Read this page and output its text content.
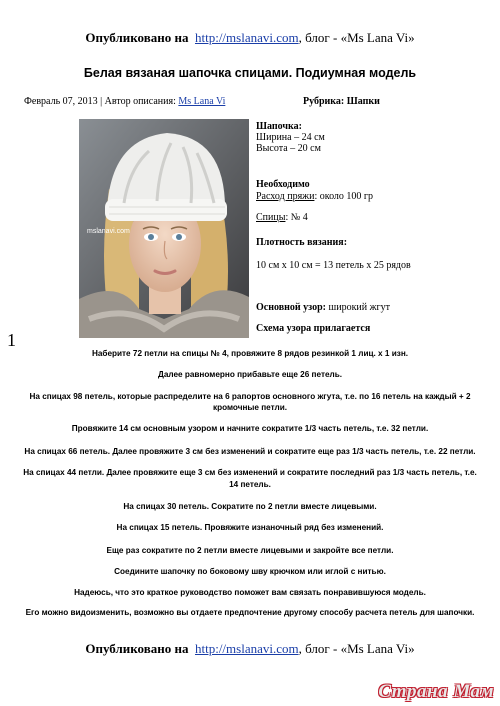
Опубликовано на http://mslanavi.com, блог - «Ms Lana Vi»
Белая вязаная шапочка спицами. Подиумная модель
Февраль 07, 2013 | Автор описания: Ms Lana Vi	Рубрика: Шапки
mslanavi.com
Шапочка:
Ширина – 24 см
Высота – 20 см
Необходимо
Расход пряжи: около 100 гр
Спицы: № 4
Плотность вязания:
10 см х 10 см = 13 петель х 25 рядов
Основной узор: широкий жгут
Схема узора прилагается
1
Наберите 72 петли на спицы № 4, провяжите 8 рядов резинкой 1 лиц. х 1 изн.
Далее равномерно прибавьте еще 26 петель.
На спицах 98 петель, которые распределите на 6 рапортов основного жгута, т.е. по 16 петель на каждый + 2
кромочные петли.
Провяжите 14 см основным узором и начните сократите 1/3 часть петель, т.е. 32 петли.
На спицах 66 петель. Далее провяжите 3 см без изменений и сократите еще раз 1/3 часть петель, т.е. 22 петли.
На спицах 44 петли. Далее провяжите еще 3 см без изменений и сократите последний раз 1/3 часть петель, т.е.
14 петель.
На спицах 30 петель. Сократите по 2 петли вместе лицевыми.
На спицах 15 петель. Провяжите изнаночный ряд без изменений.
Еще раз сократите по 2 петли вместе лицевыми и закройте все петли.
Соедините шапочку по боковому шву крючком или иглой с нитью.
Надеюсь, что это краткое руководство поможет вам связать понравившуюся модель.
Его можно видоизменить, возможно вы отдаете предпочтение другому способу расчета петель для шапочки.
Опубликовано на http://mslanavi.com, блог - «Ms Lana Vi»
Страна Мам
